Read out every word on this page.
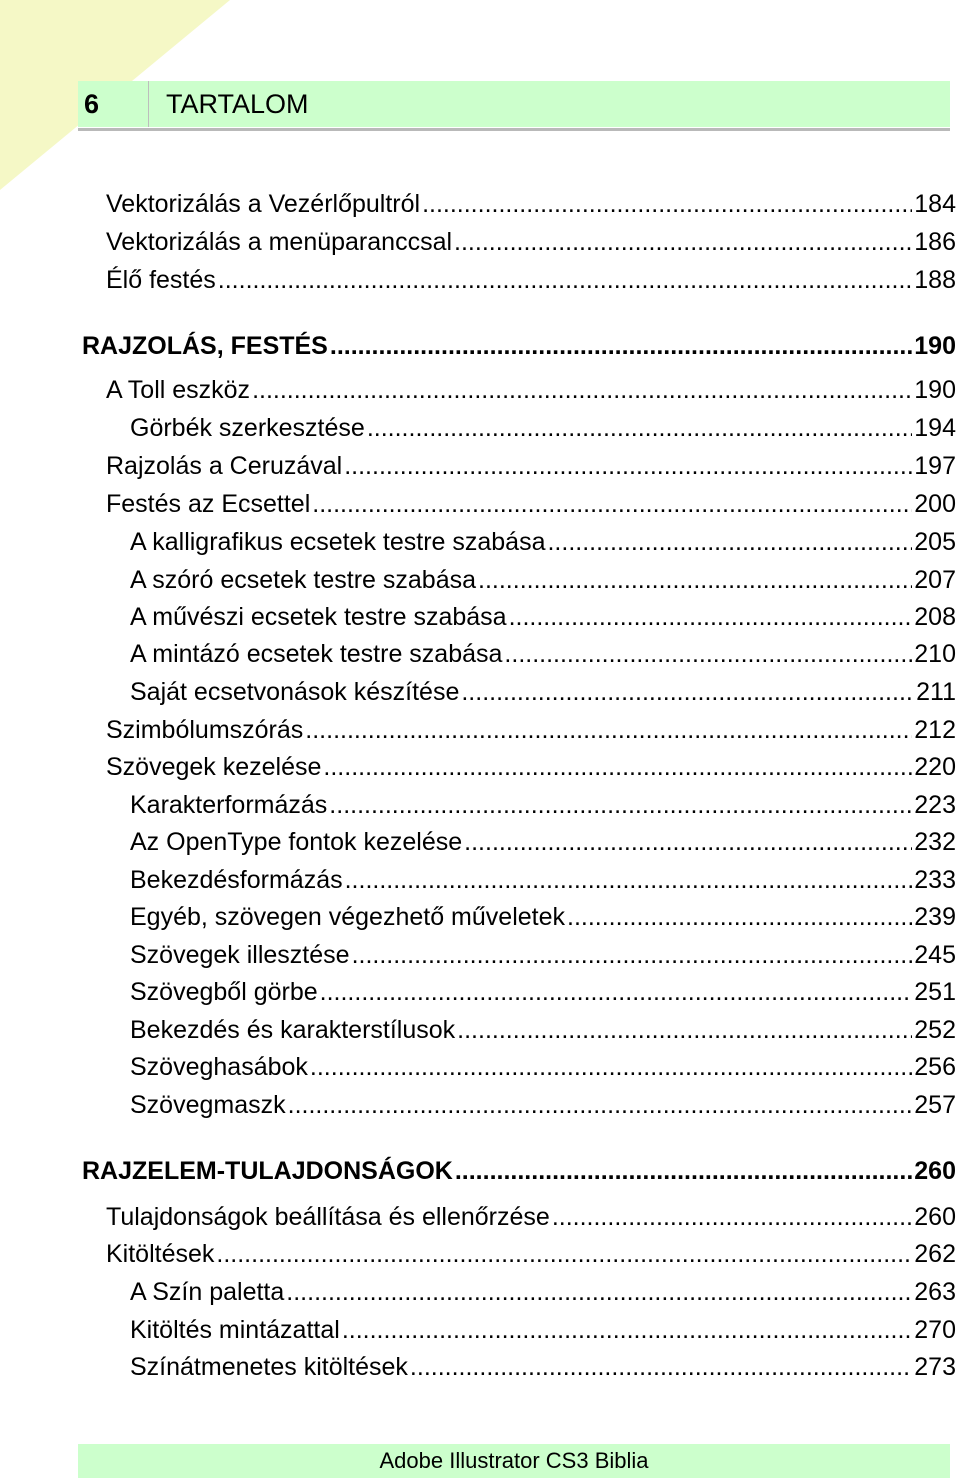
6	TARTALOM
Vektorizálás a Vezérlőpultról .....	184
Vektorizálás a menüparanccsal .....	186
Élő festés .....	188
RAJZOLÁS, FESTÉS .....	190
A Toll eszköz .....	190
Görbék szerkesztése .....	194
Rajzolás a Ceruzával .....	197
Festés az Ecsettel .....	200
A kalligrafikus ecsetek testre szabása .....	205
A szóró ecsetek testre szabása .....	207
A művészi ecsetek testre szabása .....	208
A mintázó ecsetek testre szabása .....	210
Saját ecsetvonások készítése .....	211
Szimbólumszórás .....	212
Szövegek kezelése .....	220
Karakterformázás .....	223
Az OpenType fontok kezelése .....	232
Bekezdésformázás .....	233
Egyéb, szövegen végezhető műveletek .....	239
Szövegek illesztése .....	245
Szövegből görbe .....	251
Bekezdés és karakterstílusok .....	252
Szöveghasábok .....	256
Szövegmaszk .....	257
RAJZELEM-TULAJDONSÁGOK .....	260
Tulajdonságok beállítása és ellenőrzése .....	260
Kitöltések .....	262
A Szín paletta .....	263
Kitöltés mintázattal .....	270
Színátmenetes kitöltések .....	273
Adobe Illustrator CS3 Biblia
